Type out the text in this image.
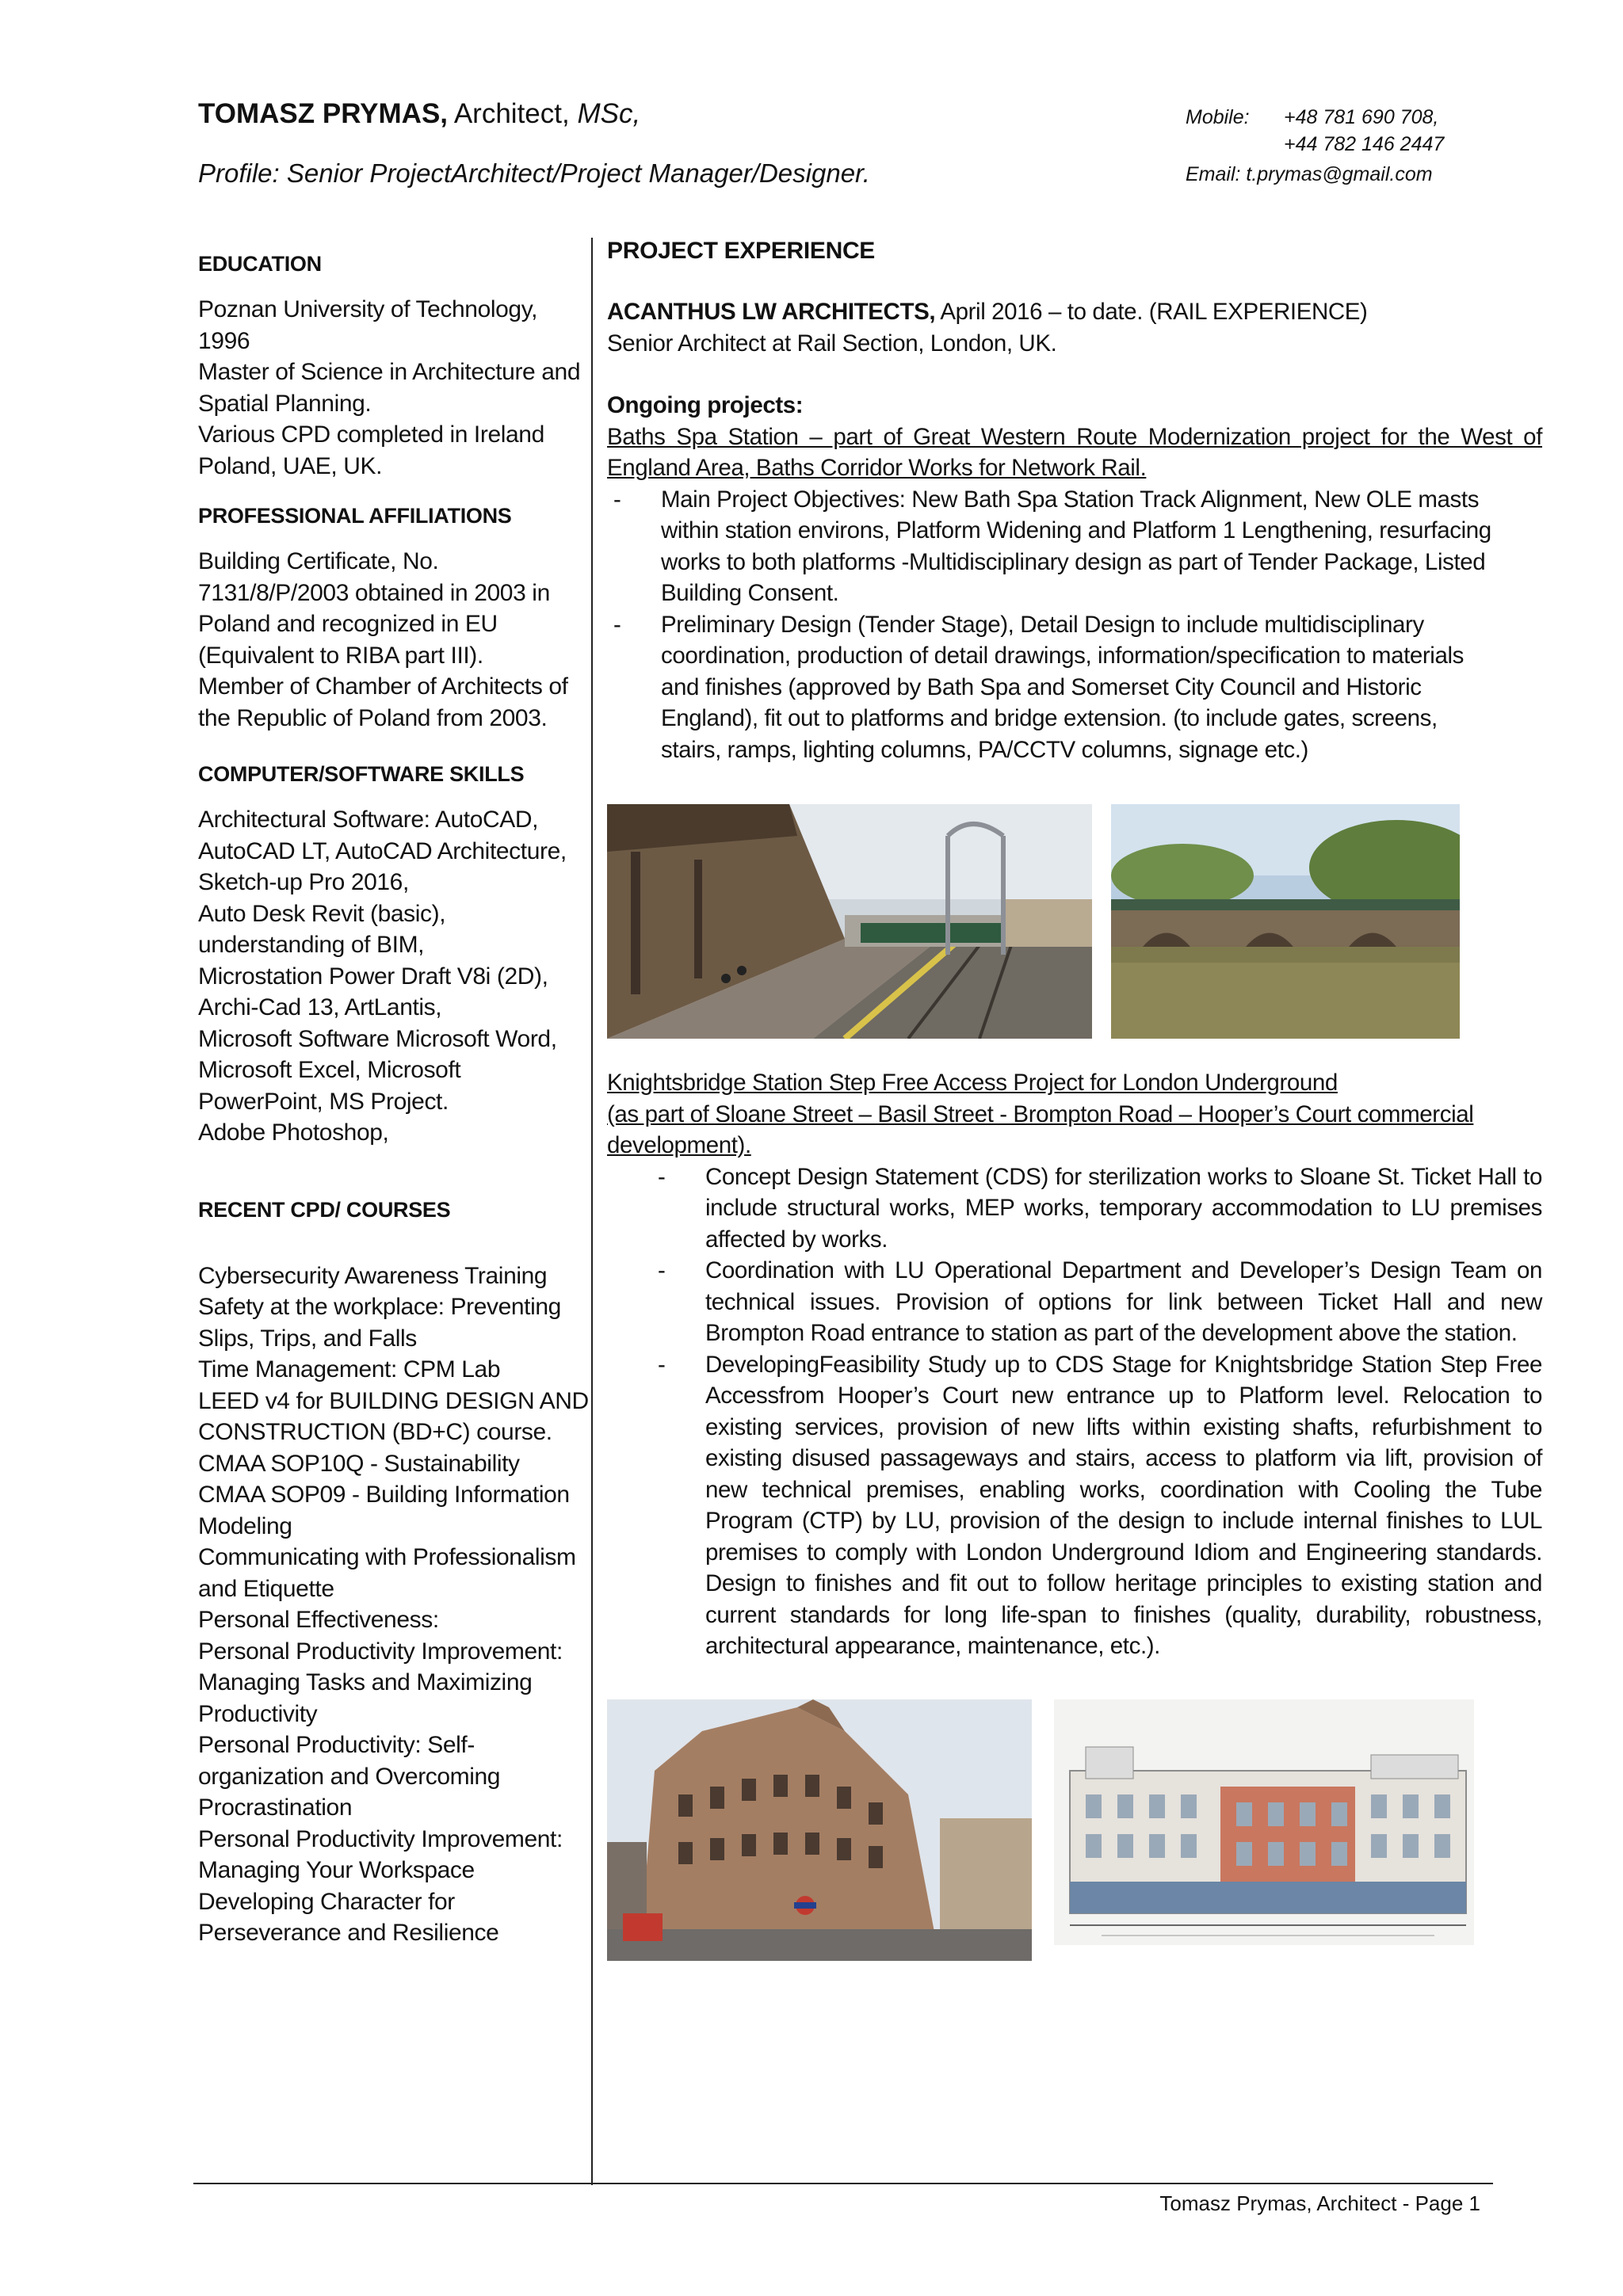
TOMASZ PRYMAS, Architect, MSc,
Profile: Senior ProjectArchitect/Project Manager/Designer.
Mobile: +48 781 690 708,
+44 782 146 2447
Email: t.prymas@gmail.com
Tomasz Prymas, Architect - Page 1
EDUCATION
Poznan University of Technology,
1996
Master of Science in Architecture and
Spatial Planning.
Various CPD completed in Ireland
Poland, UAE, UK.
PROFESSIONAL AFFILIATIONS
Building Certificate, No.
7131/8/P/2003 obtained in 2003 in
Poland and recognized in EU
(Equivalent to RIBA part III).
Member of Chamber of Architects of
the Republic of Poland from 2003.
COMPUTER/SOFTWARE SKILLS
Architectural Software: AutoCAD,
AutoCAD LT, AutoCAD Architecture,
Sketch-up Pro 2016,
Auto Desk Revit (basic),
understanding of BIM,
Microstation Power Draft V8i (2D),
Archi-Cad 13, ArtLantis,
Microsoft Software Microsoft Word,
Microsoft Excel, Microsoft
PowerPoint, MS Project.
Adobe Photoshop,
RECENT CPD/ COURSES
Cybersecurity Awareness Training
Safety at the workplace: Preventing
Slips, Trips, and Falls
Time Management: CPM Lab
LEED v4 for BUILDING DESIGN AND
CONSTRUCTION (BD+C) course.
CMAA SOP10Q - Sustainability
CMAA SOP09 - Building Information
Modeling
Communicating with Professionalism
and Etiquette
Personal Effectiveness:
Personal Productivity Improvement:
Managing Tasks and Maximizing
Productivity
Personal Productivity: Self-
organization and Overcoming
Procrastination
Personal Productivity Improvement:
Managing Your Workspace
Developing Character for
Perseverance and Resilience
PROJECT EXPERIENCE
ACANTHUS LW ARCHITECTS, April 2016 – to date. (RAIL EXPERIENCE)
Senior Architect at Rail Section, London, UK.
Ongoing projects:
Baths Spa Station – part of Great Western Route Modernization project for the West of England Area, Baths Corridor Works for Network Rail.
- Main Project Objectives: New Bath Spa Station Track Alignment, New OLE masts within station environs, Platform Widening and Platform 1 Lengthening, resurfacing works to both platforms -Multidisciplinary design as part of Tender Package, Listed Building Consent.
- Preliminary Design (Tender Stage), Detail Design to include multidisciplinary coordination, production of detail drawings, information/specification to materials and finishes (approved by Bath Spa and Somerset City Council and Historic England), fit out to platforms and bridge extension. (to include gates, screens, stairs, ramps, lighting columns, PA/CCTV columns, signage etc.)
Knightsbridge Station Step Free Access Project for London Underground
(as part of Sloane Street – Basil Street - Brompton Road – Hooper’s Court commercial development).
- Concept Design Statement (CDS) for sterilization works to Sloane St. Ticket Hall to include structural works, MEP works, temporary accommodation to LU premises affected by works.
- Coordination with LU Operational Department and Developer’s Design Team on technical issues. Provision of options for link between Ticket Hall and new Brompton Road entrance to station as part of the development above the station.
- DevelopingFeasibility Study up to CDS Stage for Knightsbridge Station Step Free Accessfrom Hooper’s Court new entrance up to Platform level. Relocation to existing services, provision of new lifts within existing shafts, refurbishment to existing disused passageways and stairs, access to platform via lift, provision of new technical premises, enabling works, coordination with Cooling the Tube Program (CTP) by LU, provision of the design to include internal finishes to LUL premises to comply with London Underground Idiom and Engineering standards. Design to finishes and fit out to follow heritage principles to existing station and current standards for long life-span to finishes (quality, durability, robustness, architectural appearance, maintenance, etc.).
